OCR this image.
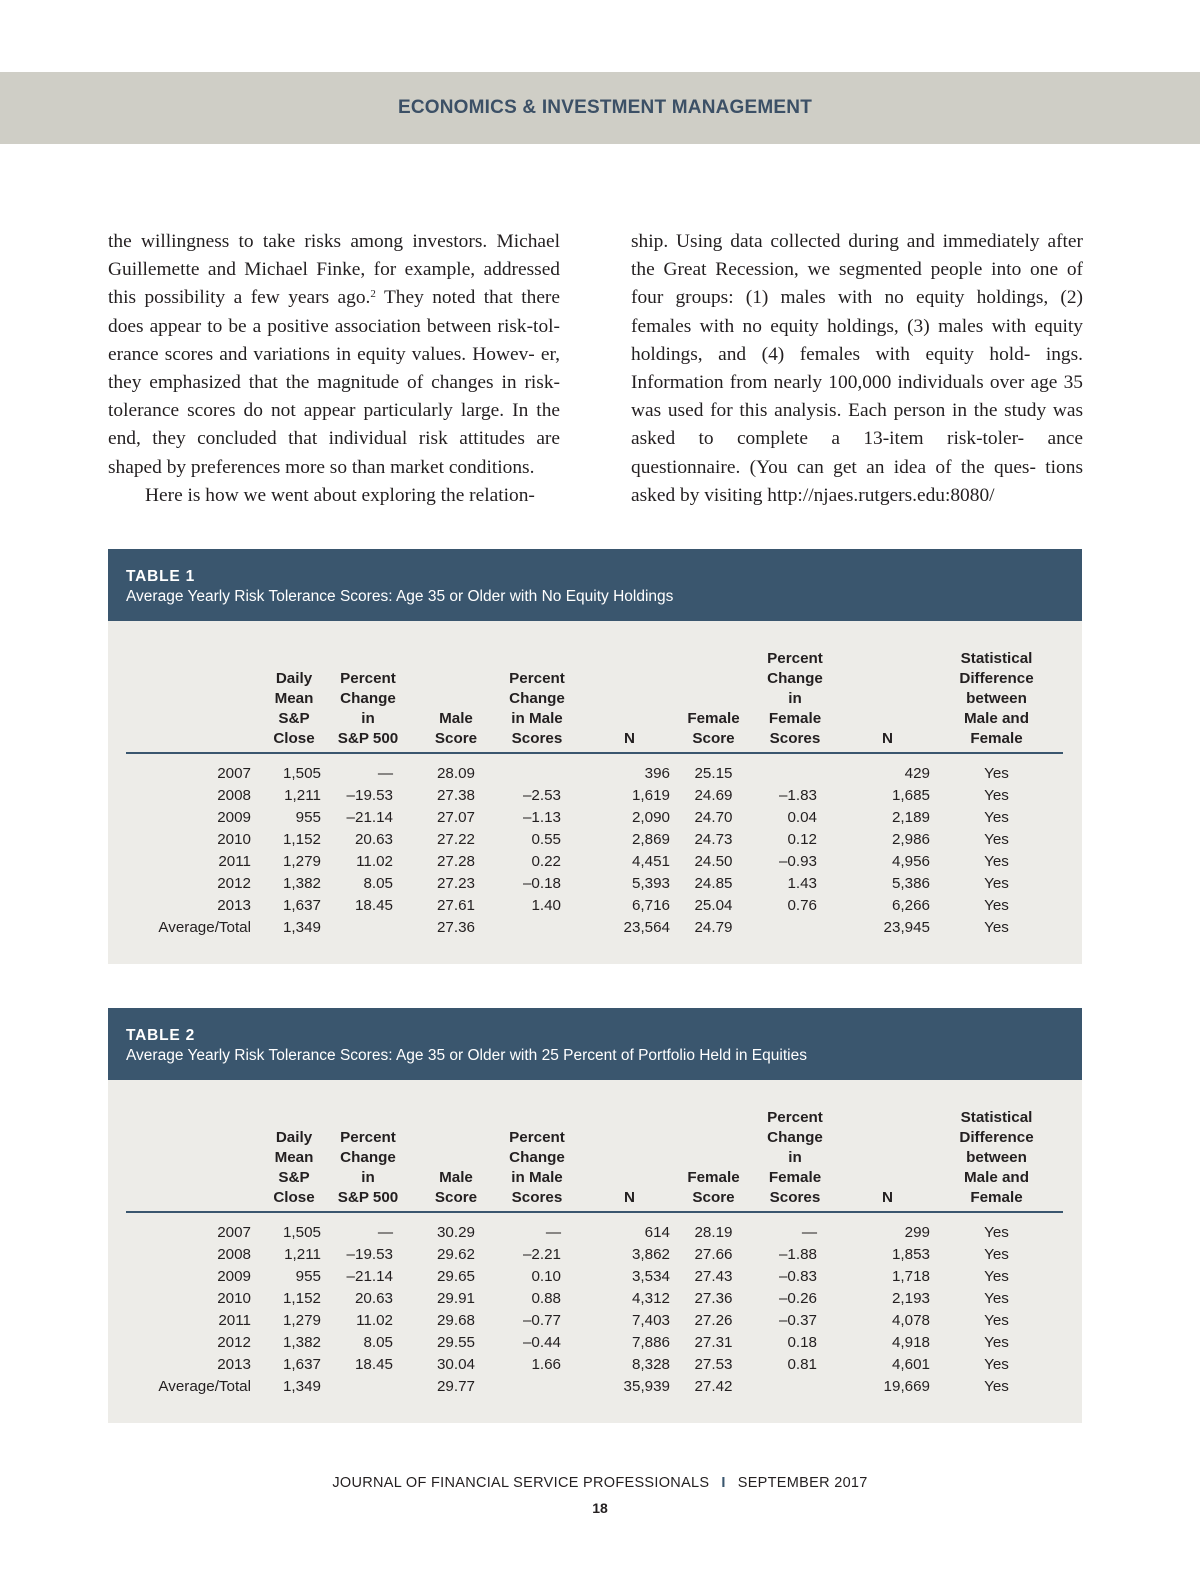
ECONOMICS & INVESTMENT MANAGEMENT

the willingness to take risks among investors. Michael Guillemette and Michael Finke, for example, addressed this possibility a few years ago.$^2$ They noted that there does appear to be a positive association between risk-tol- erance scores and variations in equity values. Howev- er, they emphasized that the magnitude of changes in risk-tolerance scores do not appear particularly large. In the end, they concluded that individual risk attitudes are shaped by preferences more so than market conditions.

Here is how we went about exploring the relation-

ship. Using data collected during and immediately after the Great Recession, we segmented people into one of four groups: (1) males with no equity holdings, (2) females with no equity holdings, (3) males with equity holdings, and (4) females with equity hold- ings. Information from nearly 100,000 individuals over age 35 was used for this analysis. Each person in the study was asked to complete a 13-item risk-toler- ance questionnaire. (You can get an idea of the ques- tions asked by visiting http://njaes.rutgers.edu:8080/

TABLE 1
Average Yearly Risk Tolerance Scores: Age 35 or Older with No Equity Holdings
	Daily
Mean
S&P
Close	Percent
Change
in
S&P 500	Male
Score	Percent
Change
in Male
Scores	N	Female
Score	Percent
Change
in
Female
Scores	N	Statistical
Difference
between
Male and
Female
2007	1,505	—	28.09		396	25.15		429	Yes
2008	1,211	–19.53	27.38	–2.53	1,619	24.69	–1.83	1,685	Yes
2009	955	–21.14	27.07	–1.13	2,090	24.70	0.04	2,189	Yes
2010	1,152	20.63	27.22	0.55	2,869	24.73	0.12	2,986	Yes
2011	1,279	11.02	27.28	0.22	4,451	24.50	–0.93	4,956	Yes
2012	1,382	8.05	27.23	–0.18	5,393	24.85	1.43	5,386	Yes
2013	1,637	18.45	27.61	1.40	6,716	25.04	0.76	6,266	Yes
Average/Total	1,349		27.36		23,564	24.79		23,945	Yes
TABLE 2
Average Yearly Risk Tolerance Scores: Age 35 or Older with 25 Percent of Portfolio Held in Equities
	Daily
Mean
S&P
Close	Percent
Change
in
S&P 500	Male
Score	Percent
Change
in Male
Scores	N	Female
Score	Percent
Change
in
Female
Scores	N	Statistical
Difference
between
Male and
Female
2007	1,505	—	30.29	—	614	28.19	—	299	Yes
2008	1,211	–19.53	29.62	–2.21	3,862	27.66	–1.88	1,853	Yes
2009	955	–21.14	29.65	0.10	3,534	27.43	–0.83	1,718	Yes
2010	1,152	20.63	29.91	0.88	4,312	27.36	–0.26	2,193	Yes
2011	1,279	11.02	29.68	–0.77	7,403	27.26	–0.37	4,078	Yes
2012	1,382	8.05	29.55	–0.44	7,886	27.31	0.18	4,918	Yes
2013	1,637	18.45	30.04	1.66	8,328	27.53	0.81	4,601	Yes
Average/Total	1,349		29.77		35,939	27.42		19,669	Yes
JOURNAL OF FINANCIAL SERVICE PROFESSIONALS I SEPTEMBER 2017
18
